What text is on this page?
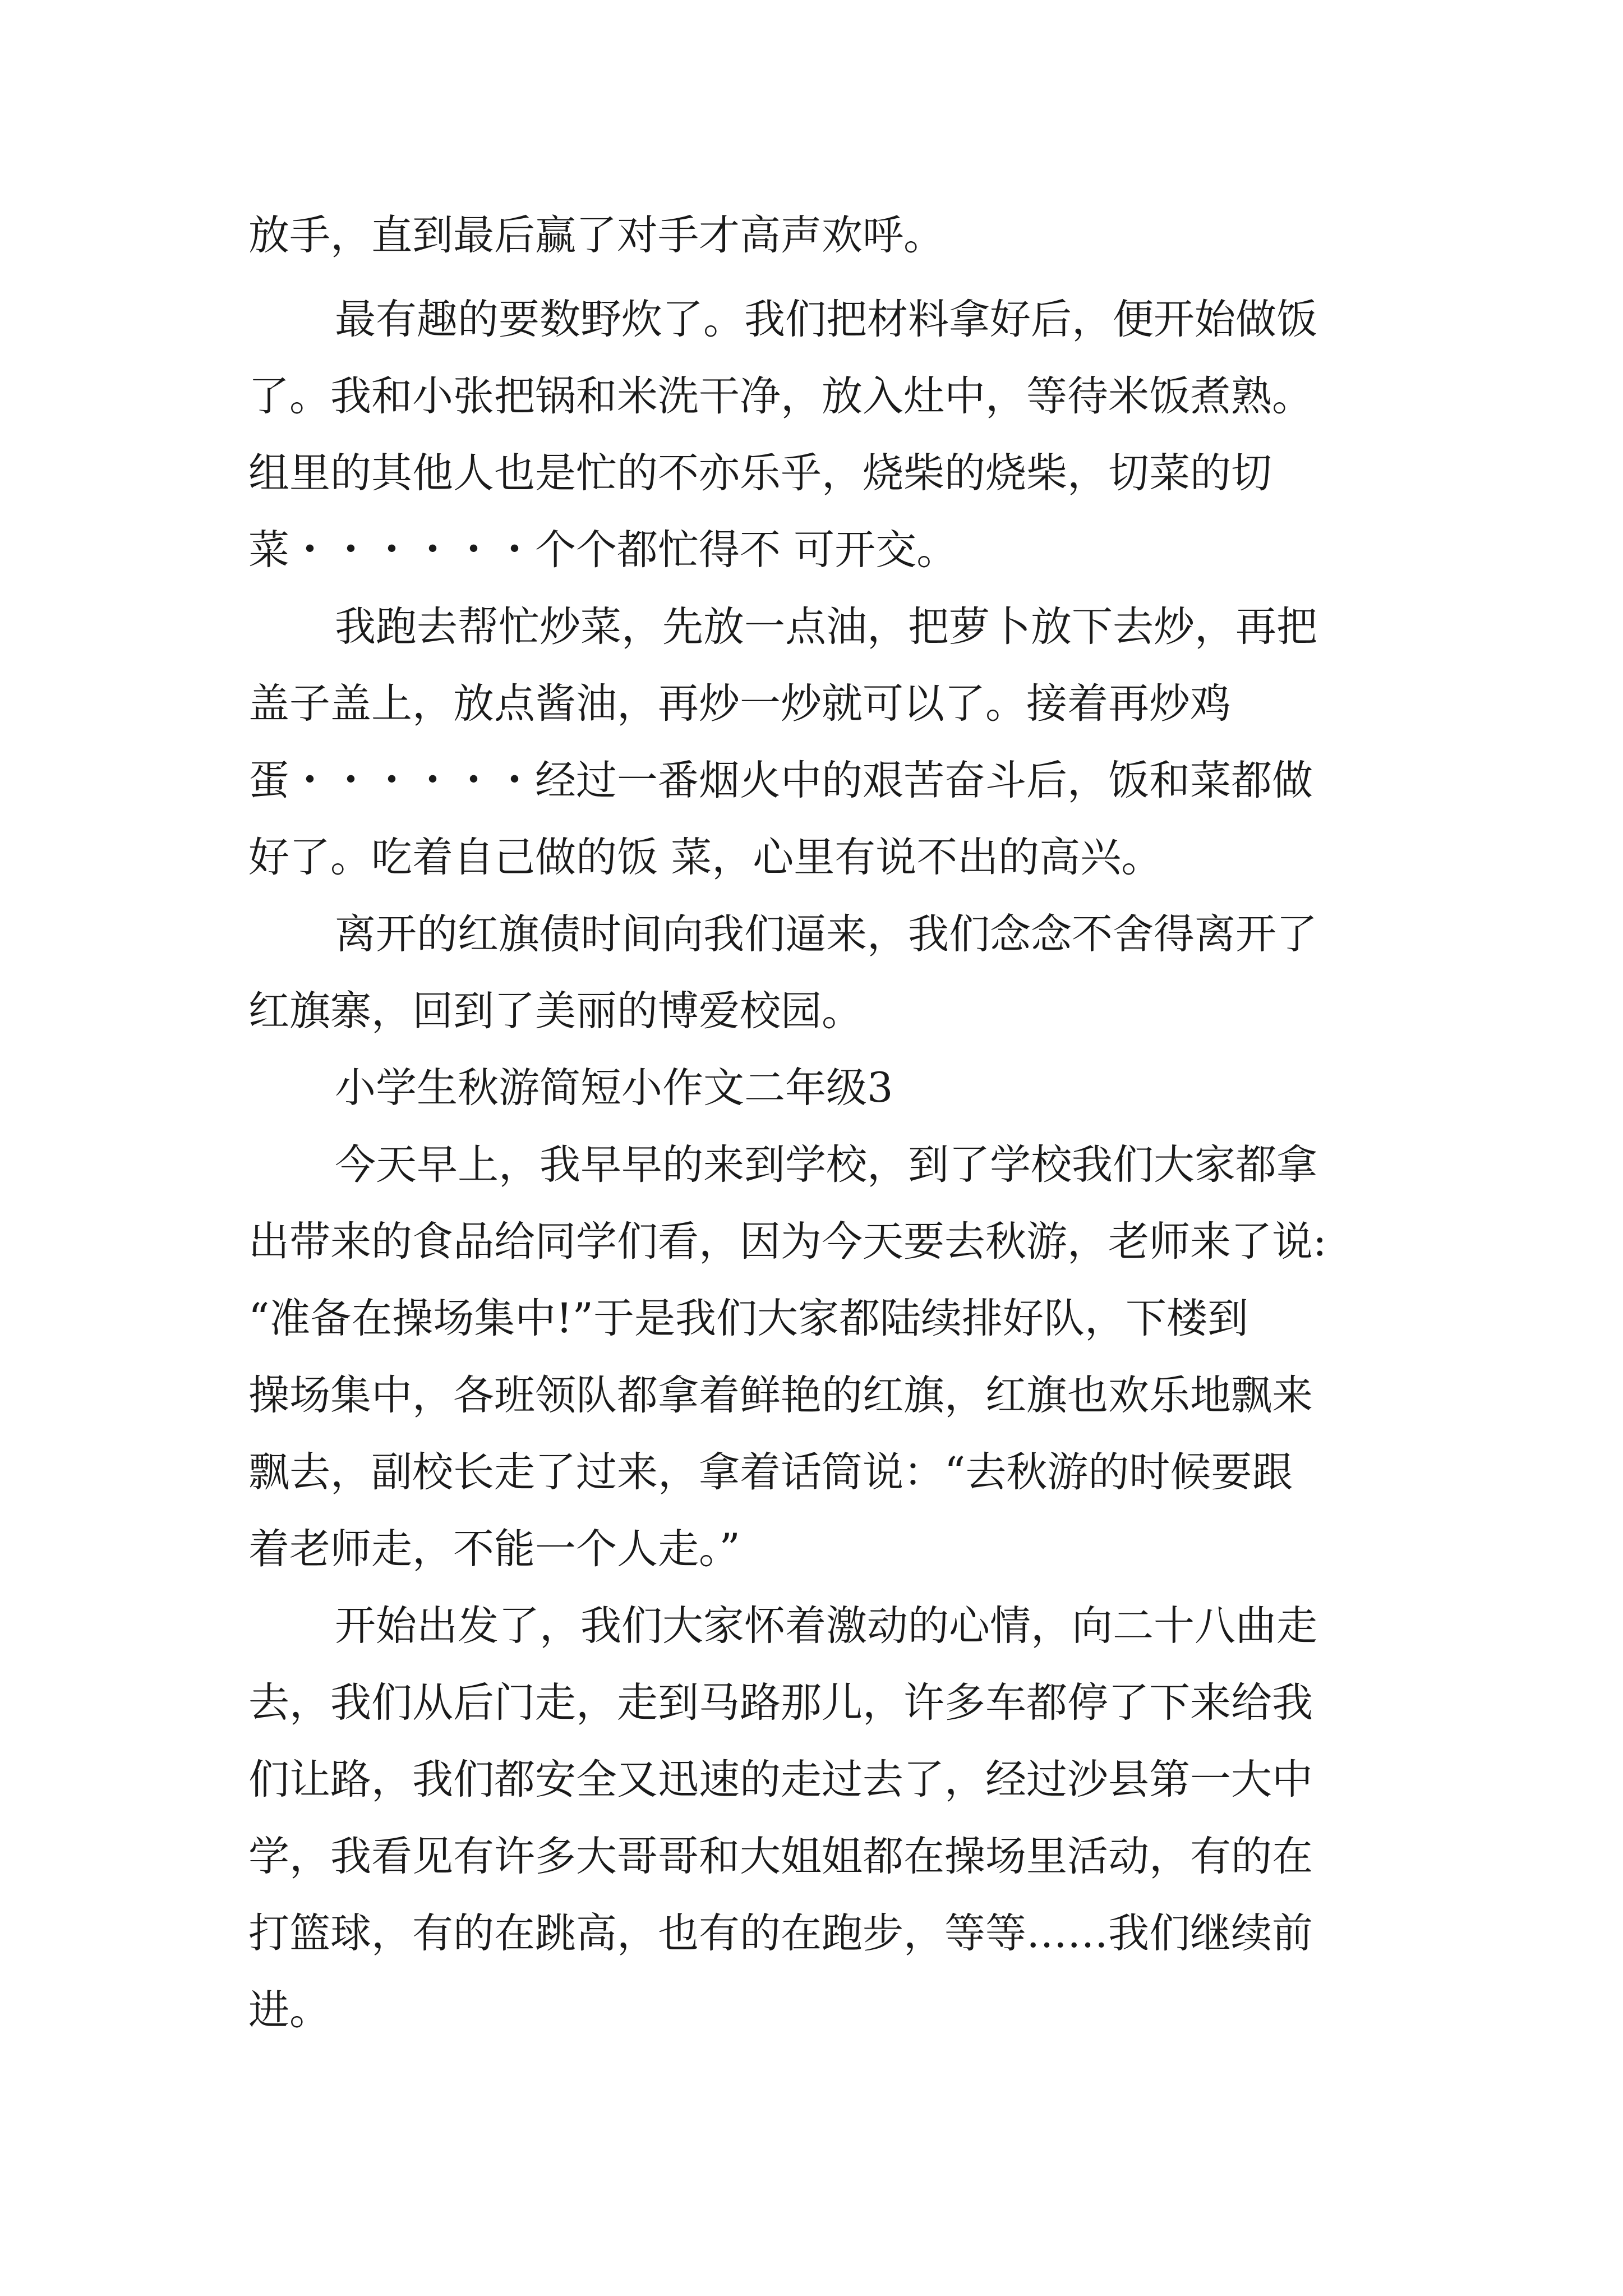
放手，直到最后赢了对手才高声欢呼。

最有趣的要数野炊了。我们把材料拿好后，便开始做饭

了。我和小张把锅和米洗干净，放入灶中，等待米饭煮熟。

组里的其他人也是忙的不亦乐乎，烧柴的烧柴，切菜的切

菜・・・・・・个个都忙得不 可开交。

我跑去帮忙炒菜，先放一点油，把萝卜放下去炒，再把

盖子盖上，放点酱油，再炒一炒就可以了。接着再炒鸡

蛋・・・・・・经过一番烟火中的艰苦奋斗后，饭和菜都做

好了。吃着自己做的饭 菜，心里有说不出的高兴。

离开的红旗债时间向我们逼来，我们念念不舍得离开了

红旗寨，回到了美丽的博爱校园。

小学生秋游简短小作文二年级3

今天早上，我早早的来到学校，到了学校我们大家都拿

出带来的食品给同学们看，因为今天要去秋游，老师来了说:

“准备在操场集中!”于是我们大家都陆续排好队，下楼到

操场集中，各班领队都拿着鲜艳的红旗，红旗也欢乐地飘来

飘去，副校长走了过来，拿着话筒说：“去秋游的时候要跟

着老师走，不能一个人走。”

开始出发了，我们大家怀着激动的心情，向二十八曲走

去，我们从后门走，走到马路那儿，许多车都停了下来给我

们让路，我们都安全又迅速的走过去了，经过沙县第一大中

学，我看见有许多大哥哥和大姐姐都在操场里活动，有的在

打篮球，有的在跳高，也有的在跑步，等等……我们继续前

进。
